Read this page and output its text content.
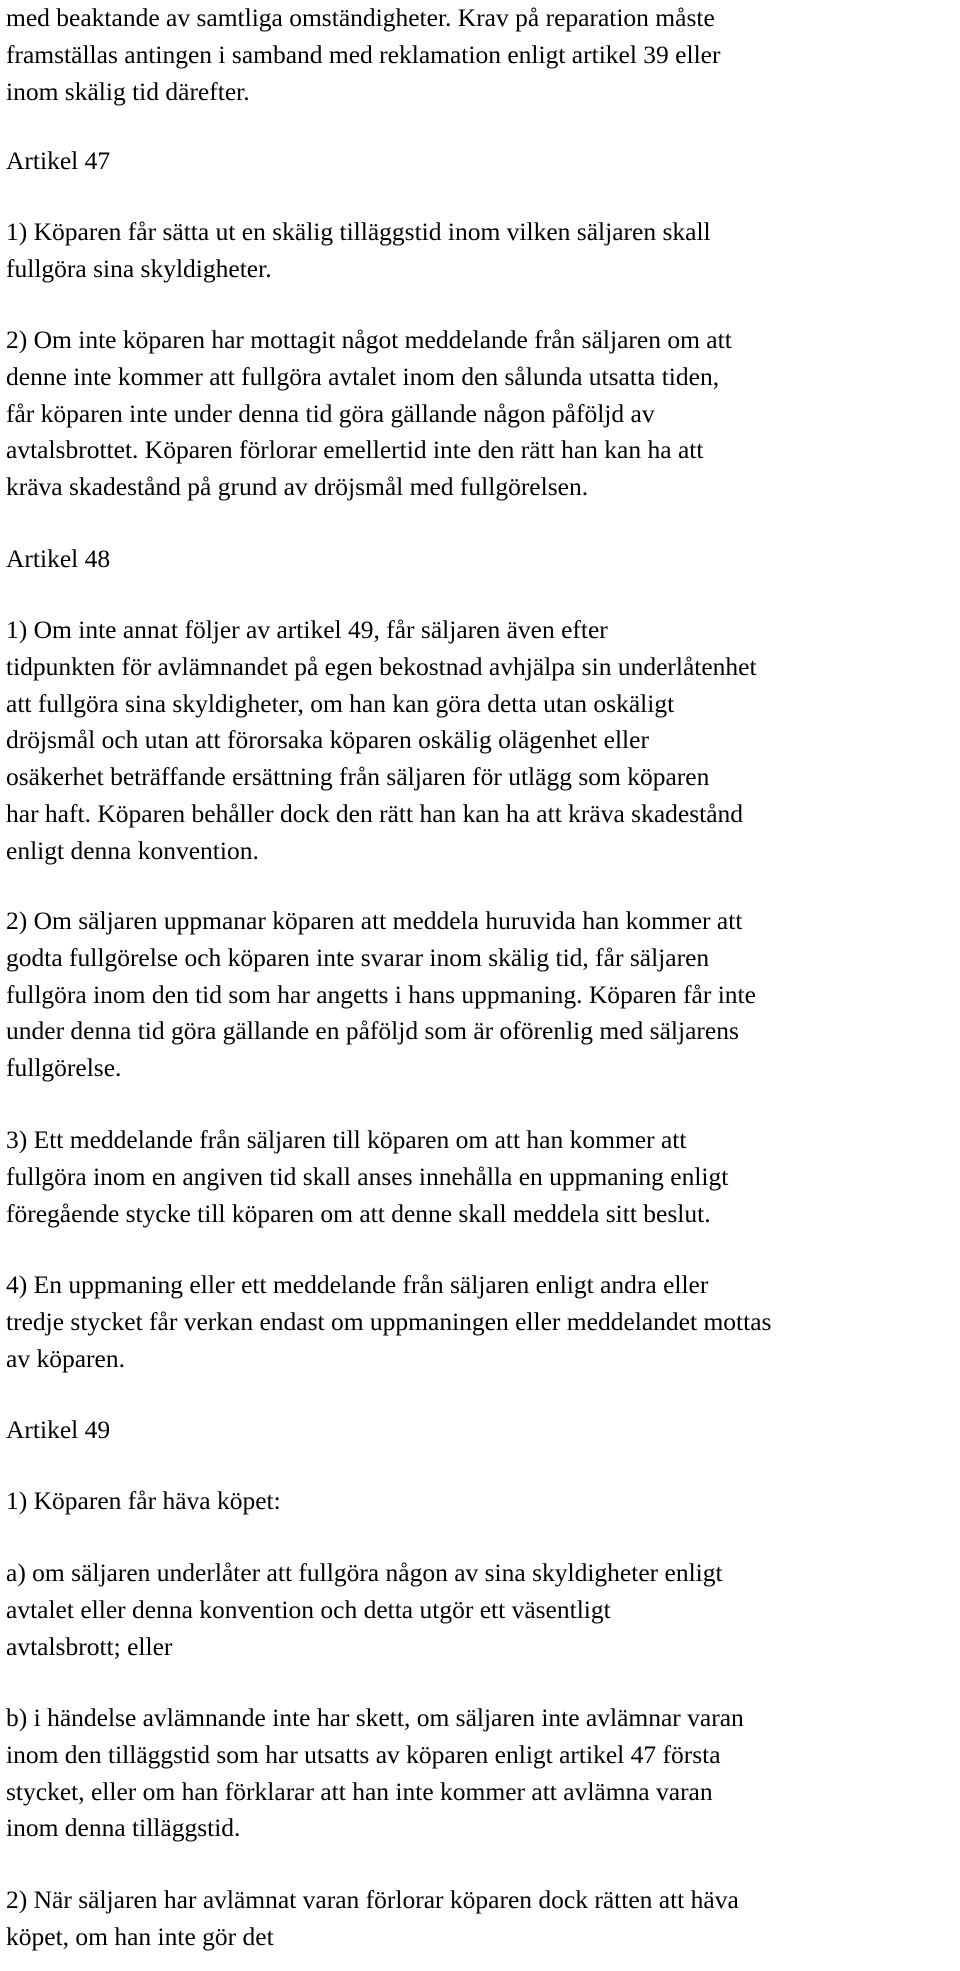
med beaktande av samtliga omständigheter. Krav på reparation måste
framställas antingen i samband med reklamation enligt artikel 39 eller
inom skälig tid därefter.

Artikel 47

1) Köparen får sätta ut en skälig tilläggstid inom vilken säljaren skall
fullgöra sina skyldigheter.

2) Om inte köparen har mottagit något meddelande från säljaren om att
denne inte kommer att fullgöra avtalet inom den sålunda utsatta tiden,
får köparen inte under denna tid göra gällande någon påföljd av
avtalsbrottet. Köparen förlorar emellertid inte den rätt han kan ha att
kräva skadestånd på grund av dröjsmål med fullgörelsen.

Artikel 48

1) Om inte annat följer av artikel 49, får säljaren även efter
tidpunkten för avlämnandet på egen bekostnad avhjälpa sin underlåtenhet
att fullgöra sina skyldigheter, om han kan göra detta utan oskäligt
dröjsmål och utan att förorsaka köparen oskälig olägenhet eller
osäkerhet beträffande ersättning från säljaren för utlägg som köparen
har haft. Köparen behåller dock den rätt han kan ha att kräva skadestånd
enligt denna konvention.

2) Om säljaren uppmanar köparen att meddela huruvida han kommer att
godta fullgörelse och köparen inte svarar inom skälig tid, får säljaren
fullgöra inom den tid som har angetts i hans uppmaning. Köparen får inte
under denna tid göra gällande en påföljd som är oförenlig med säljarens
fullgörelse.

3) Ett meddelande från säljaren till köparen om att han kommer att
fullgöra inom en angiven tid skall anses innehålla en uppmaning enligt
föregående stycke till köparen om att denne skall meddela sitt beslut.

4) En uppmaning eller ett meddelande från säljaren enligt andra eller
tredje stycket får verkan endast om uppmaningen eller meddelandet mottas
av köparen.

Artikel 49

1) Köparen får häva köpet:

a) om säljaren underlåter att fullgöra någon av sina skyldigheter enligt
avtalet eller denna konvention och detta utgör ett väsentligt
avtalsbrott; eller

b) i händelse avlämnande inte har skett, om säljaren inte avlämnar varan
inom den tilläggstid som har utsatts av köparen enligt artikel 47 första
stycket, eller om han förklarar att han inte kommer att avlämna varan
inom denna tilläggstid.

2) När säljaren har avlämnat varan förlorar köparen dock rätten att häva
köpet, om han inte gör det
